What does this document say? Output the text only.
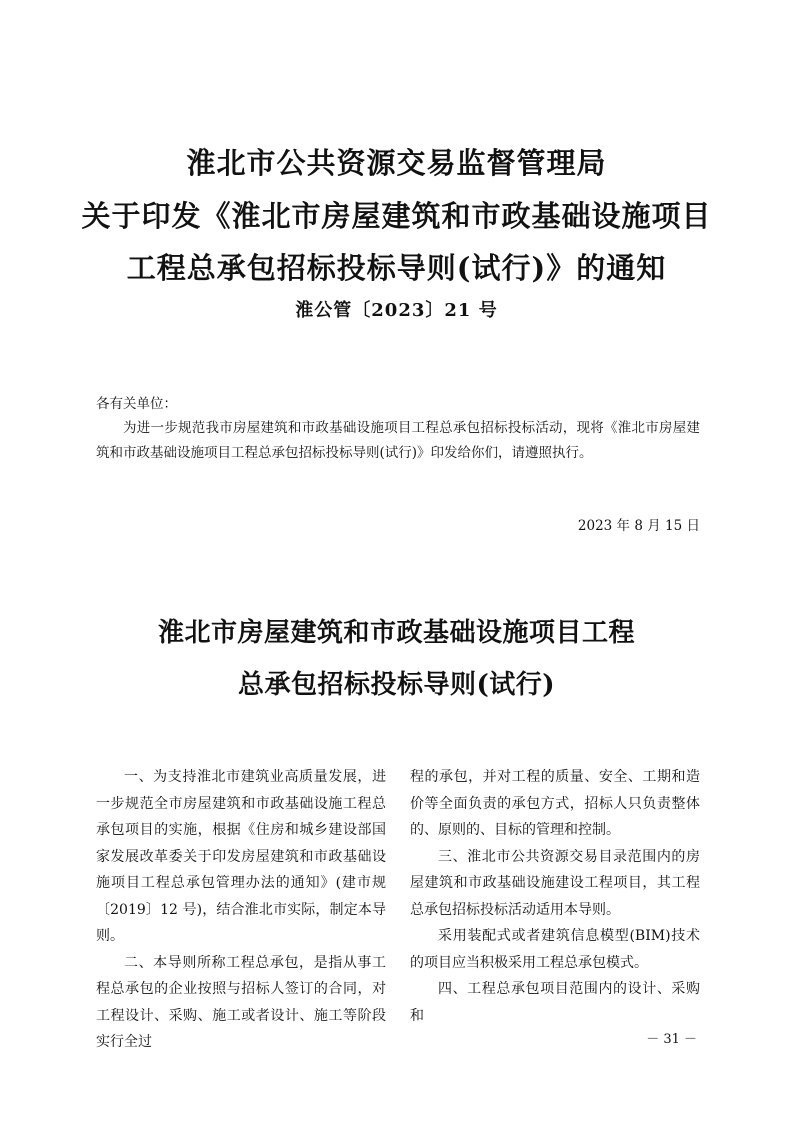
淮北市公共资源交易监督管理局
关于印发《淮北市房屋建筑和市政基础设施项目
工程总承包招标投标导则(试行)》的通知
淮公管〔2023〕21 号
各有关单位：
为进一步规范我市房屋建筑和市政基础设施项目工程总承包招标投标活动，现将《淮北市房屋建筑和市政基础设施项目工程总承包招标投标导则(试行)》印发给你们，请遵照执行。
2023 年 8 月 15 日
淮北市房屋建筑和市政基础设施项目工程
总承包招标投标导则(试行)

一、为支持淮北市建筑业高质量发展，进一步规范全市房屋建筑和市政基础设施工程总承包项目的实施，根据《住房和城乡建设部国家发展改革委关于印发房屋建筑和市政基础设施项目工程总承包管理办法的通知》(建市规〔2019〕12 号)，结合淮北市实际，制定本导则。

二、本导则所称工程总承包，是指从事工程总承包的企业按照与招标人签订的合同，对工程设计、采购、施工或者设计、施工等阶段实行全过

程的承包，并对工程的质量、安全、工期和造价等全面负责的承包方式，招标人只负责整体的、原则的、目标的管理和控制。

三、淮北市公共资源交易目录范围内的房屋建筑和市政基础设施建设工程项目，其工程总承包招标投标活动适用本导则。

采用装配式或者建筑信息模型(BIM)技术的项目应当积极采用工程总承包模式。

四、工程总承包项目范围内的设计、采购和

－ 31 －
